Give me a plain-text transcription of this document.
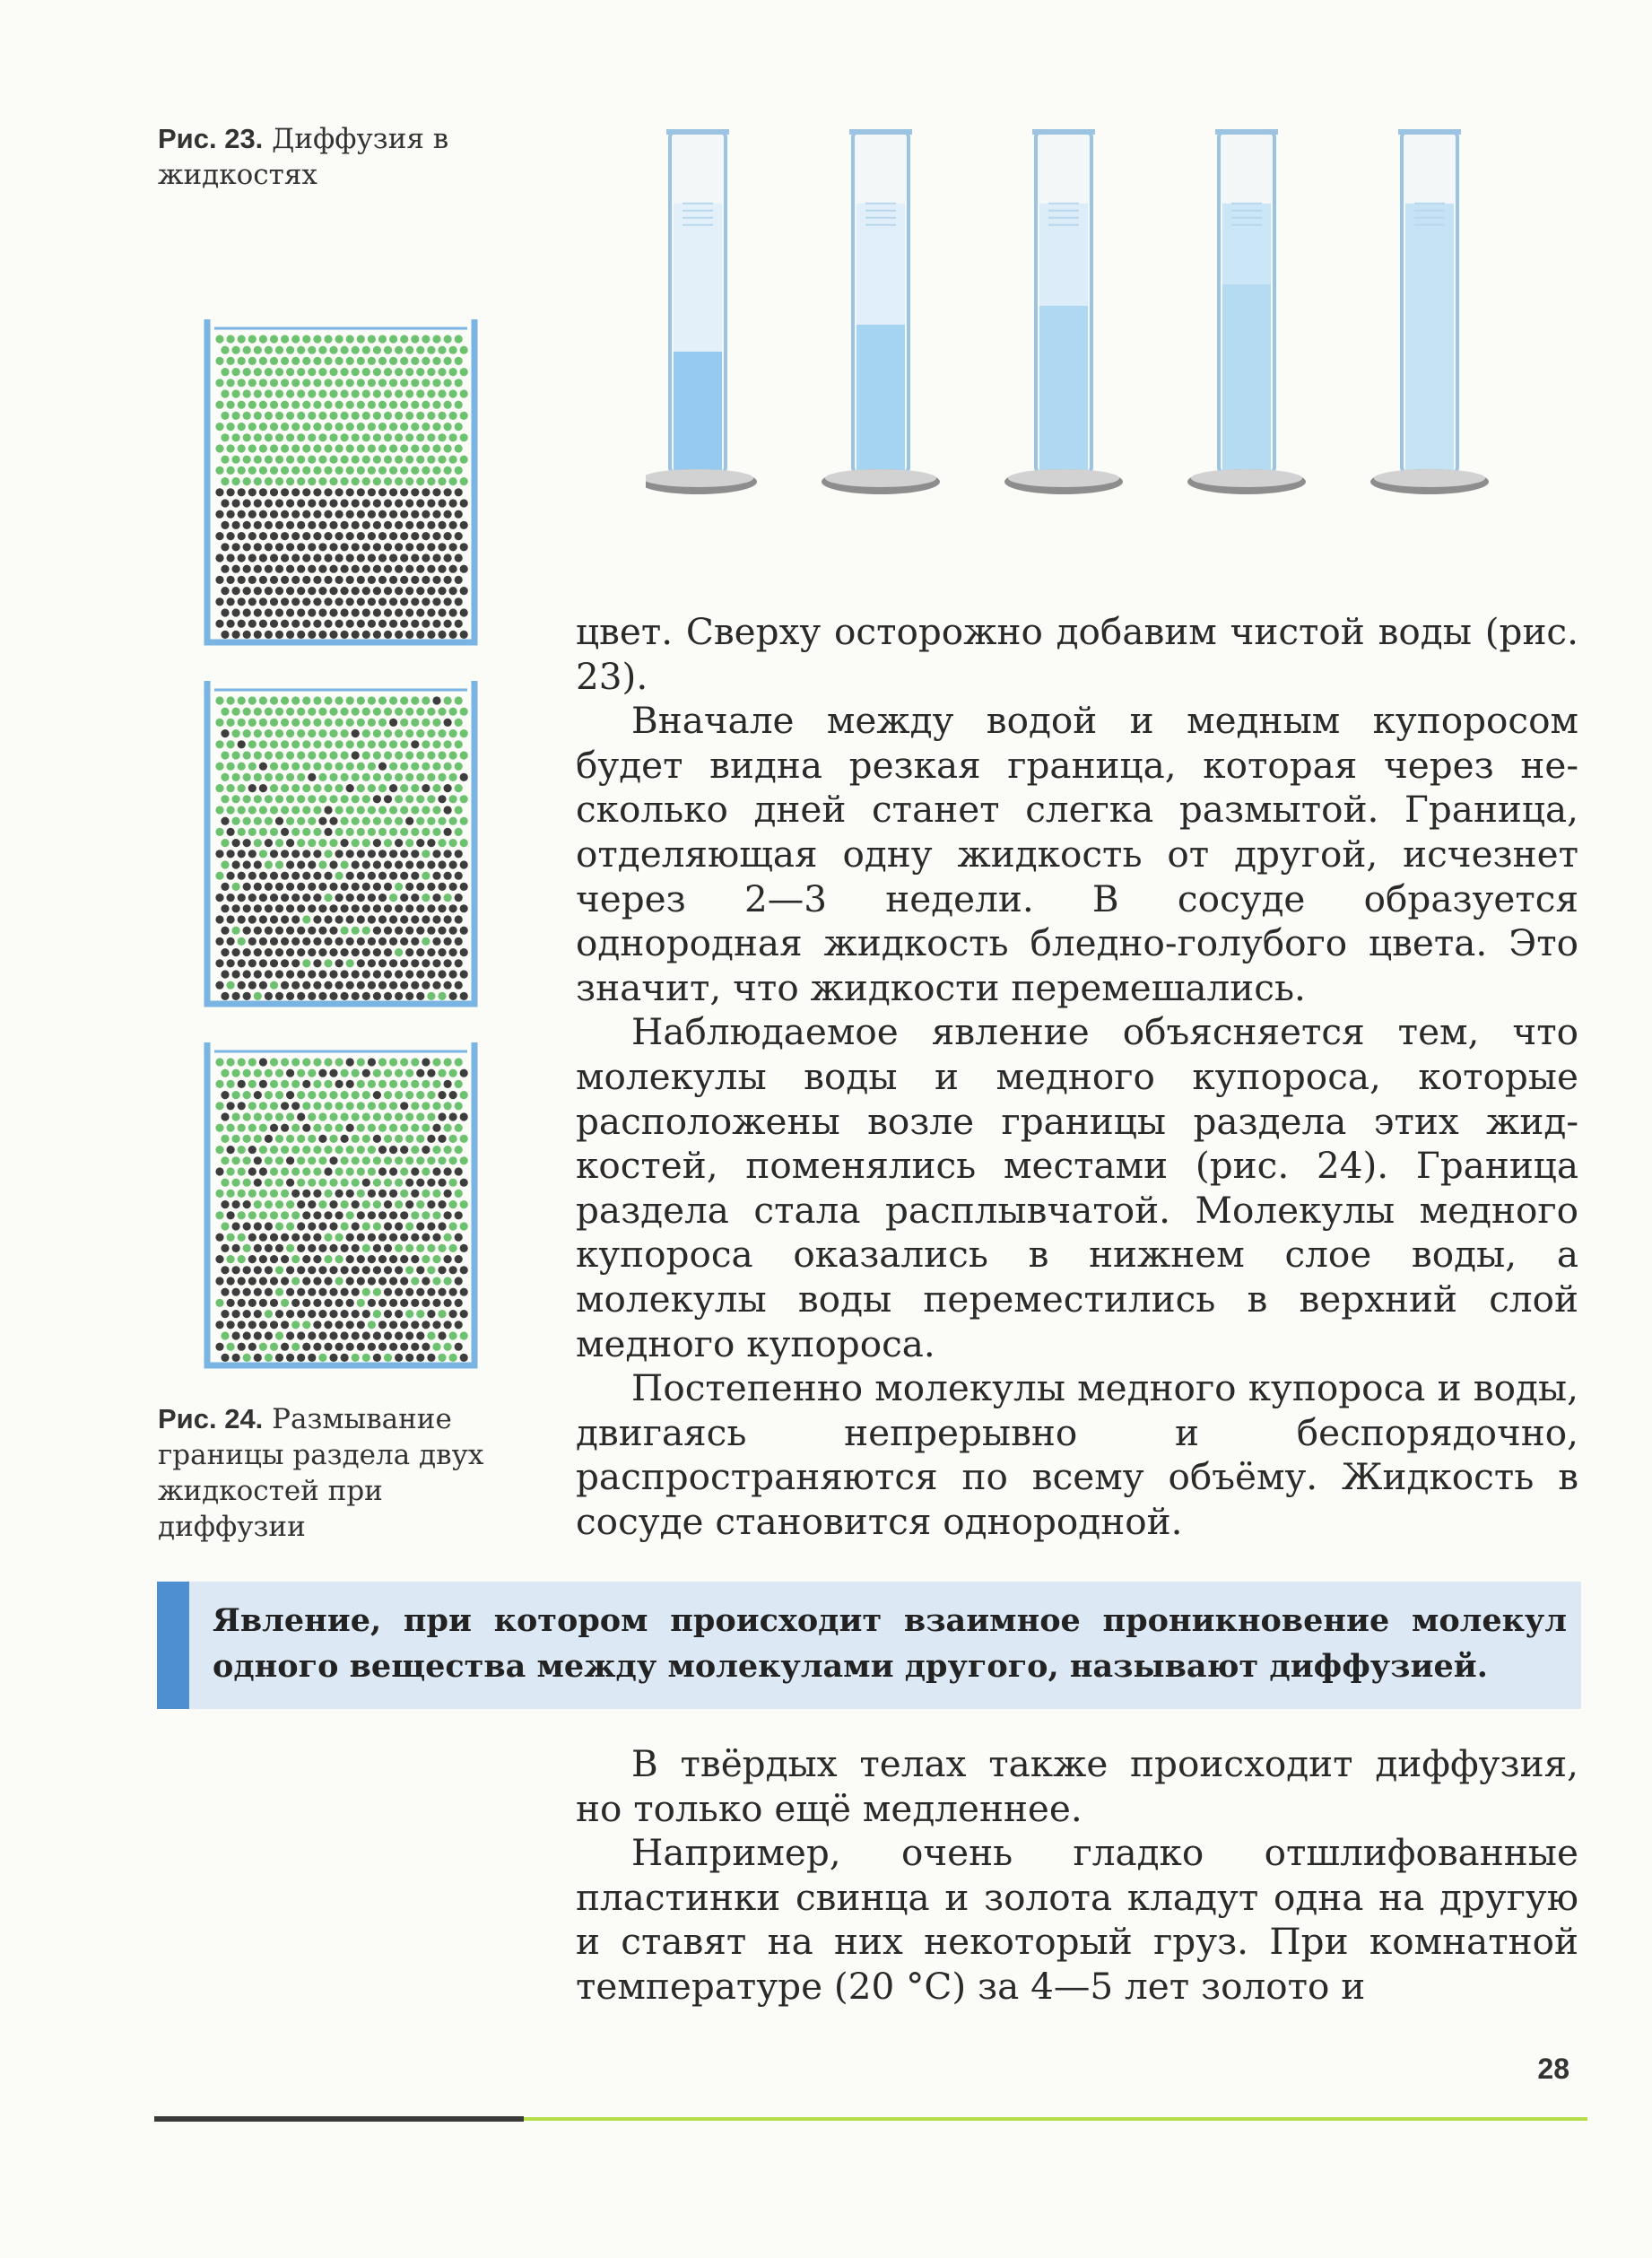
Рис. 23. Диффузия в жидкостях
Рис. 24. Размывание границы раздела двух жидкостей при диффузии

цвет. Сверху осторожно добавим чистой воды (рис. 23).

Вначале между водой и медным купоросом будет видна резкая граница, которая через несколько дней станет слегка размытой. Граница, отделяющая одну жидкость от другой, исчезнет через 2—3 недели. В сосуде образуется однородная жидкость бледно-голубого цвета. Это значит, что жидкости перемешались.

Наблюдаемое явление объясняется тем, что молекулы воды и медного купороса, которые расположены возле границы раздела этих жидкостей, поменялись местами (рис. 24). Граница раздела стала расплывчатой. Молекулы медного купороса оказались в нижнем слое воды, а молекулы воды переместились в верхний слой медного купороса.

Постепенно молекулы медного купороса и воды, двигаясь непрерывно и беспорядочно, распространяются по всему объёму. Жидкость в сосуде становится однородной.

Явление, при котором происходит взаимное проникновение молекул одного вещества между молекулами другого, называют диффузией.

В твёрдых телах также происходит диффузия, но только ещё медленнее.

Например, очень гладко отшлифованные пластинки свинца и золота кладут одна на другую и ставят на них некоторый груз. При комнатной температуре (20 °С) за 4—5 лет золото и

28
